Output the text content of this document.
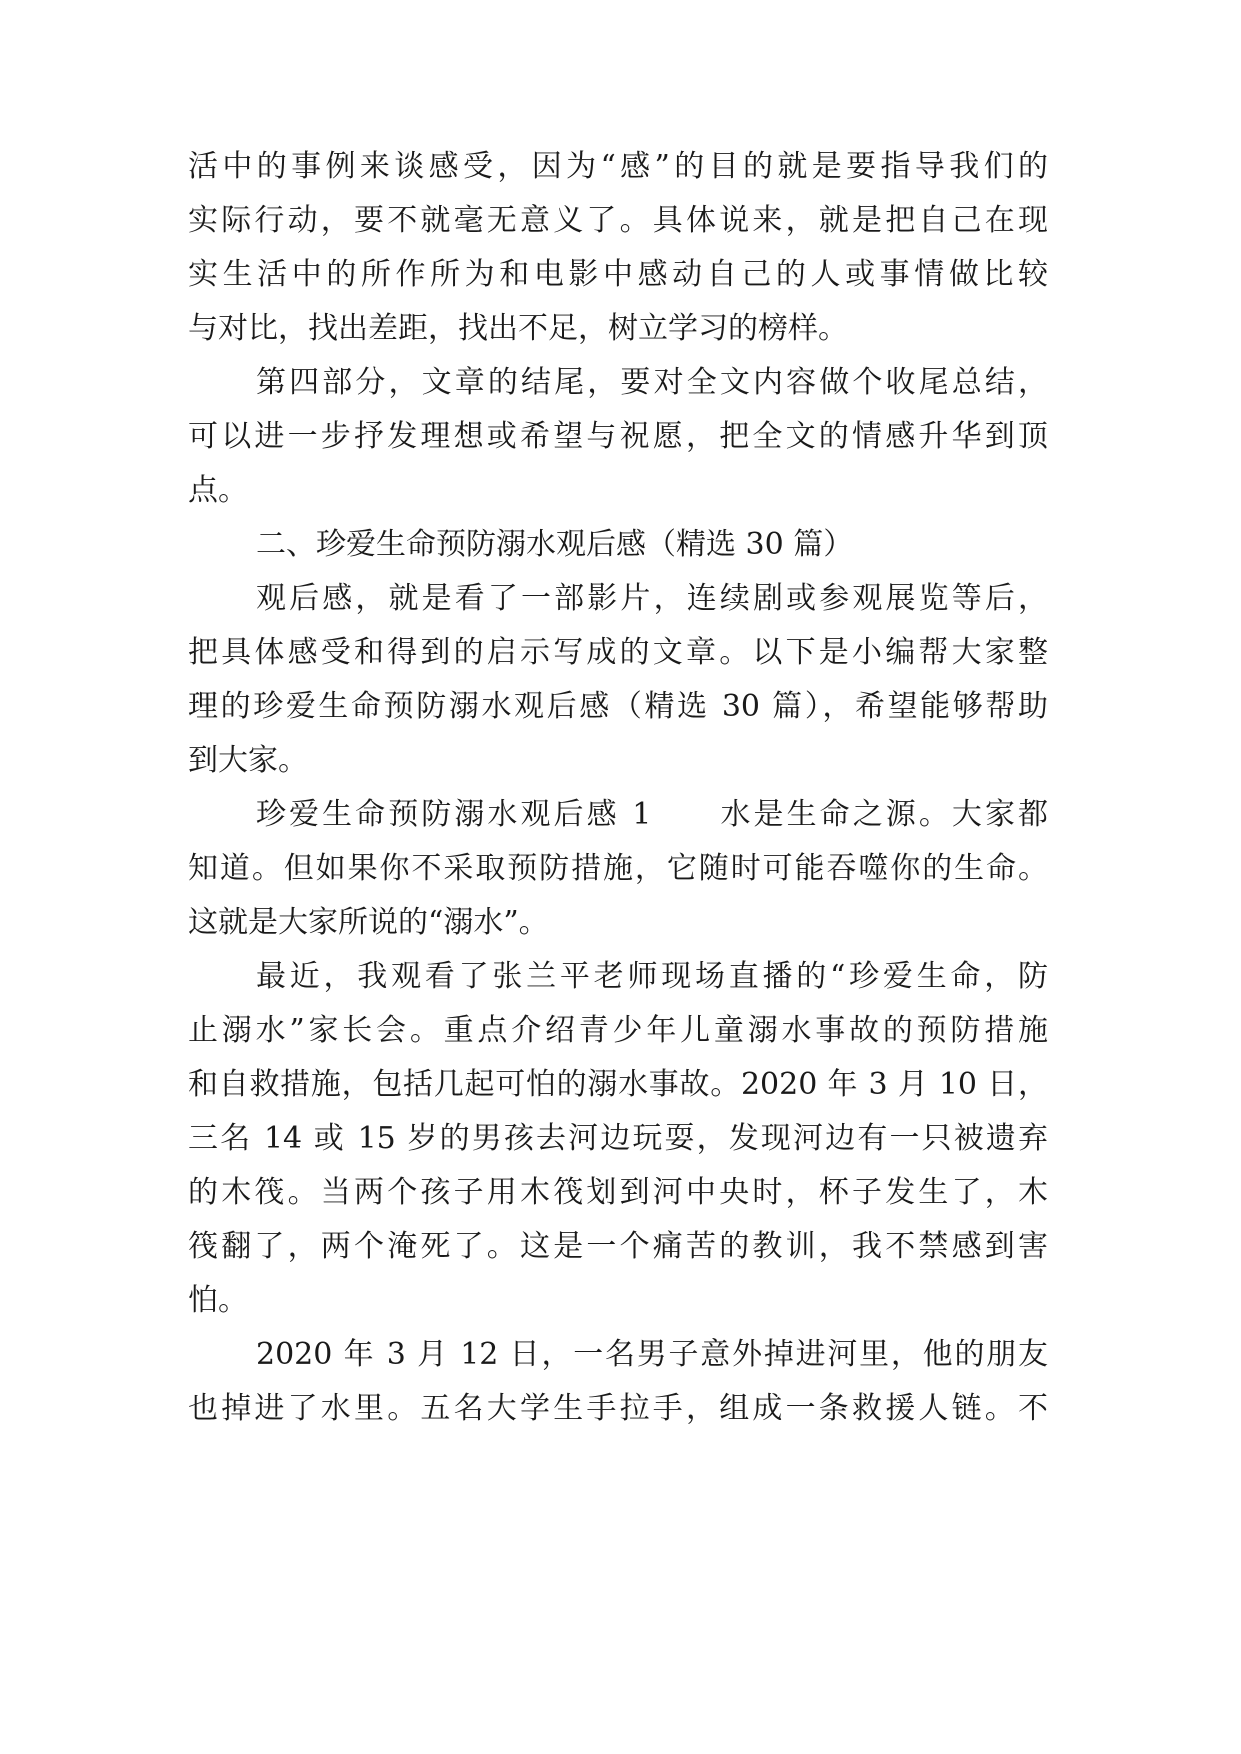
活中的事例来谈感受，因为“感”的目的就是要指导我们的
实际行动，要不就毫无意义了。具体说来，就是把自己在现
实生活中的所作所为和电影中感动自己的人或事情做比较
与对比，找出差距，找出不足，树立学习的榜样。
第四部分，文章的结尾，要对全文内容做个收尾总结，
可以进一步抒发理想或希望与祝愿，把全文的情感升华到顶
点。
二、珍爱生命预防溺水观后感（精选 30 篇）
观后感，就是看了一部影片，连续剧或参观展览等后，
把具体感受和得到的启示写成的文章。以下是小编帮大家整
理的珍爱生命预防溺水观后感（精选 30 篇），希望能够帮助
到大家。
珍爱生命预防溺水观后感 1　　水是生命之源。大家都
知道。但如果你不采取预防措施，它随时可能吞噬你的生命。
这就是大家所说的“溺水”。
最近，我观看了张兰平老师现场直播的“珍爱生命，防
止溺水”家长会。重点介绍青少年儿童溺水事故的预防措施
和自救措施，包括几起可怕的溺水事故。2020 年 3 月 10 日，
三名 14 或 15 岁的男孩去河边玩耍，发现河边有一只被遗弃
的木筏。当两个孩子用木筏划到河中央时，杯子发生了，木
筏翻了，两个淹死了。这是一个痛苦的教训，我不禁感到害
怕。
2020 年 3 月 12 日，一名男子意外掉进河里，他的朋友
也掉进了水里。五名大学生手拉手，组成一条救援人链。不
